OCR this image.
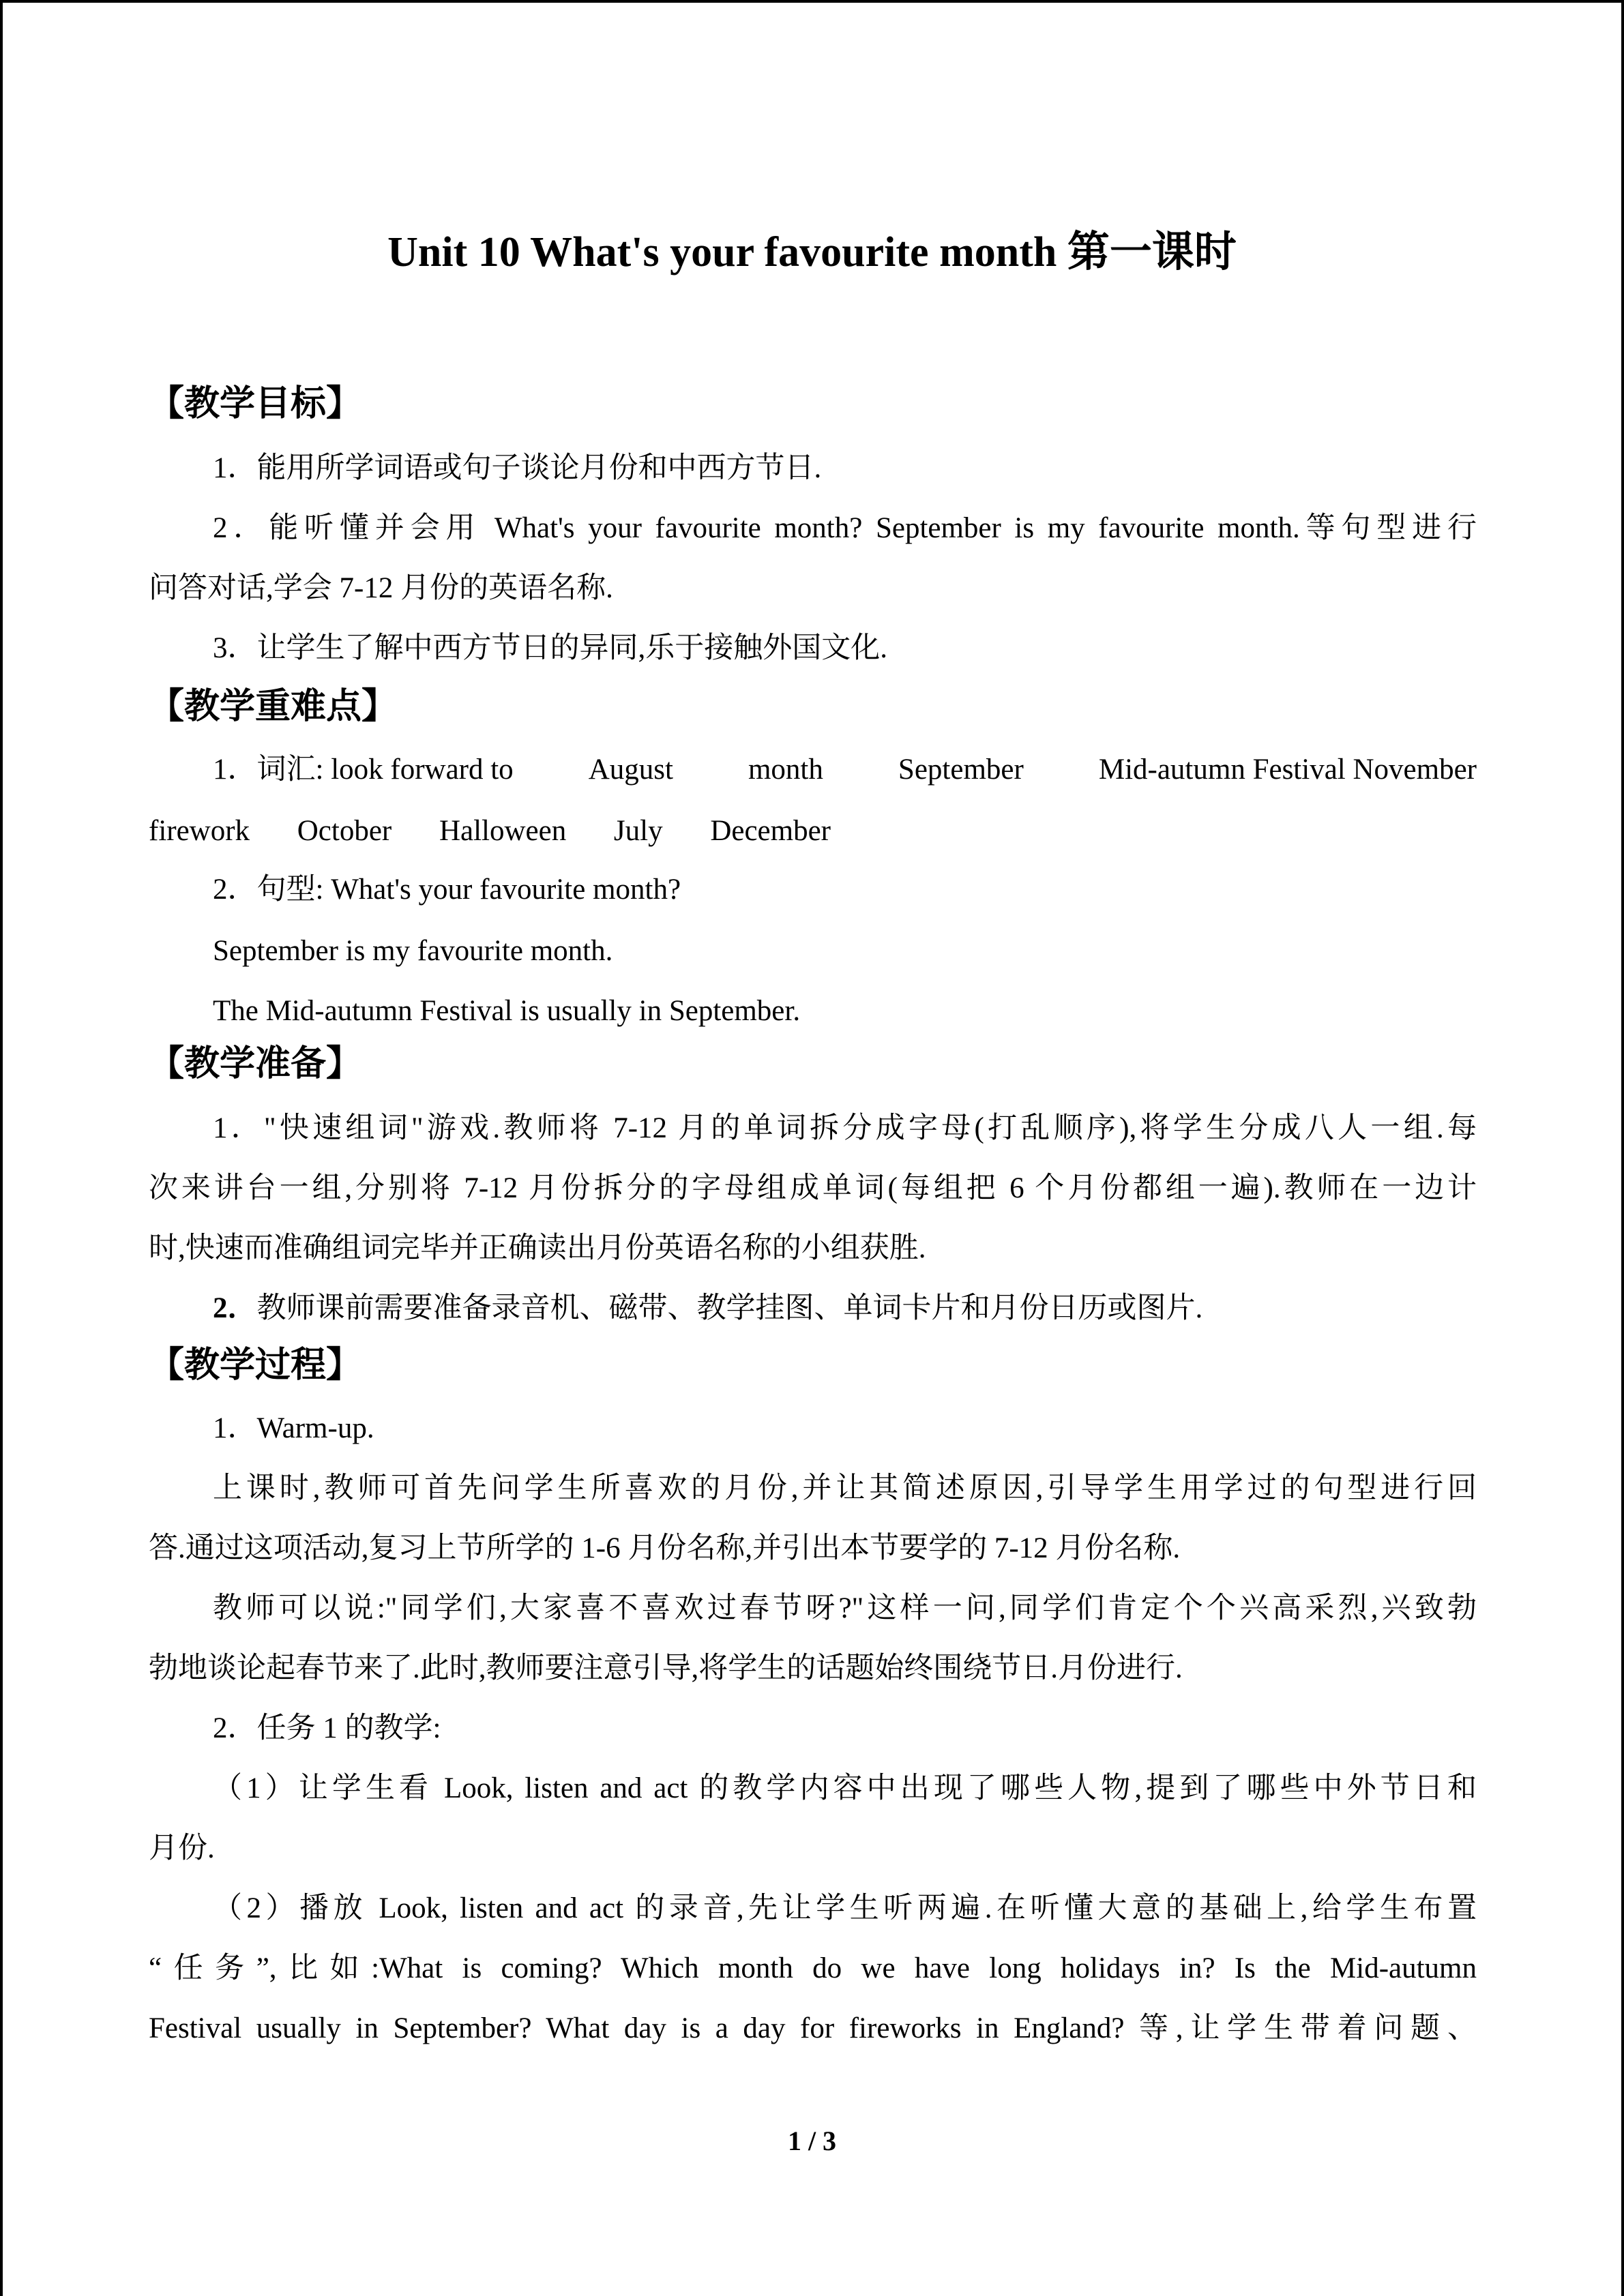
Unit 10 What's your favourite month 第一课时
【教学目标】

1．能用所学词语或句子谈论月份和中西方节日.

2．能听懂并会用 What's your favourite month? September is my favourite month.等句型进行

问答对话,学会 7-12 月份的英语名称.

3．让学生了解中西方节日的异同,乐于接触外国文化.

【教学重难点】
1．词汇: look forward to	August	month	September	Mid-autumn Festival November
firework October Halloween July December

2．句型: What's your favourite month?

September is my favourite month.

The Mid-autumn Festival is usually in September.

【教学准备】

1．"快速组词"游戏.教师将 7-12 月的单词拆分成字母(打乱顺序),将学生分成八人一组.每

次来讲台一组,分别将 7-12 月份拆分的字母组成单词(每组把 6 个月份都组一遍).教师在一边计

时,快速而准确组词完毕并正确读出月份英语名称的小组获胜.

2．教师课前需要准备录音机、磁带、教学挂图、单词卡片和月份日历或图片.

【教学过程】

1．Warm-up.

上课时,教师可首先问学生所喜欢的月份,并让其简述原因,引导学生用学过的句型进行回

答.通过这项活动,复习上节所学的 1-6 月份名称,并引出本节要学的 7-12 月份名称.

教师可以说:"同学们,大家喜不喜欢过春节呀?"这样一问,同学们肯定个个兴高采烈,兴致勃

勃地谈论起春节来了.此时,教师要注意引导,将学生的话题始终围绕节日.月份进行.

2．任务 1 的教学:

（1）让学生看 Look, listen and act 的教学内容中出现了哪些人物,提到了哪些中外节日和

月份.

（2）播放 Look, listen and act 的录音,先让学生听两遍.在听懂大意的基础上,给学生布置

“任务”,比如:What is coming? Which month do we have long holidays in? Is the Mid-autumn

Festival usually in September? What day is a day for fireworks in England? 等,让学生带着问题、

1 / 3
